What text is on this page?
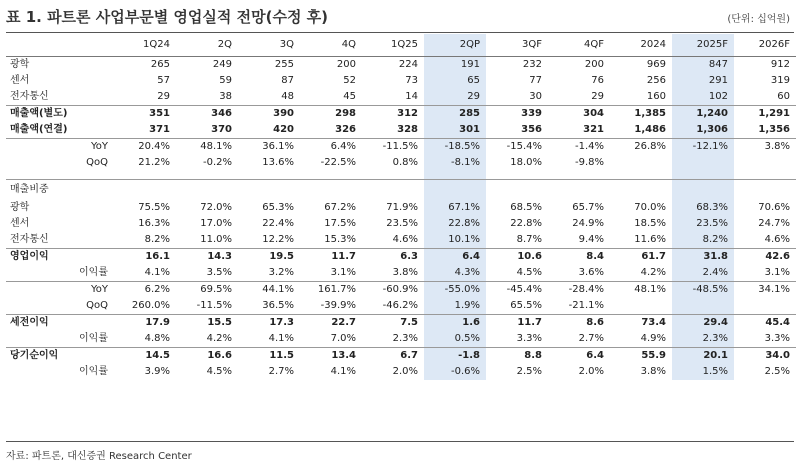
표 1. 파트론 사업부문별 영업실적 전망(수정 후)	(단위: 십억원)
	1Q24	2Q	3Q	4Q	1Q25	2QP	3QF	4QF	2024	2025F	2026F
광학	265	249	255	200	224	191	232	200	969	847	912
센서	57	59	87	52	73	65	77	76	256	291	319
전자통신	29	38	48	45	14	29	30	29	160	102	60
매출액(별도)	351	346	390	298	312	285	339	304	1,385	1,240	1,291
매출액(연결)	371	370	420	326	328	301	356	321	1,486	1,306	1,356
YoY	20.4%	48.1%	36.1%	6.4%	-11.5%	-18.5%	-15.4%	-1.4%	26.8%	-12.1%	3.8%
QoQ	21.2%	-0.2%	13.6%	-22.5%	0.8%	-8.1%	18.0%	-9.8%			

매출비중											
광학	75.5%	72.0%	65.3%	67.2%	71.9%	67.1%	68.5%	65.7%	70.0%	68.3%	70.6%
센서	16.3%	17.0%	22.4%	17.5%	23.5%	22.8%	22.8%	24.9%	18.5%	23.5%	24.7%
전자통신	8.2%	11.0%	12.2%	15.3%	4.6%	10.1%	8.7%	9.4%	11.6%	8.2%	4.6%
영업이익	16.1	14.3	19.5	11.7	6.3	6.4	10.6	8.4	61.7	31.8	42.6
이익률	4.1%	3.5%	3.2%	3.1%	3.8%	4.3%	4.5%	3.6%	4.2%	2.4%	3.1%
YoY	6.2%	69.5%	44.1%	161.7%	-60.9%	-55.0%	-45.4%	-28.4%	48.1%	-48.5%	34.1%
QoQ	260.0%	-11.5%	36.5%	-39.9%	-46.2%	1.9%	65.5%	-21.1%			
세전이익	17.9	15.5	17.3	22.7	7.5	1.6	11.7	8.6	73.4	29.4	45.4
이익률	4.8%	4.2%	4.1%	7.0%	2.3%	0.5%	3.3%	2.7%	4.9%	2.3%	3.3%
당기순이익	14.5	16.6	11.5	13.4	6.7	-1.8	8.8	6.4	55.9	20.1	34.0
이익률	3.9%	4.5%	2.7%	4.1%	2.0%	-0.6%	2.5%	2.0%	3.8%	1.5%	2.5%
자료: 파트론, 대신증권 Research Center
